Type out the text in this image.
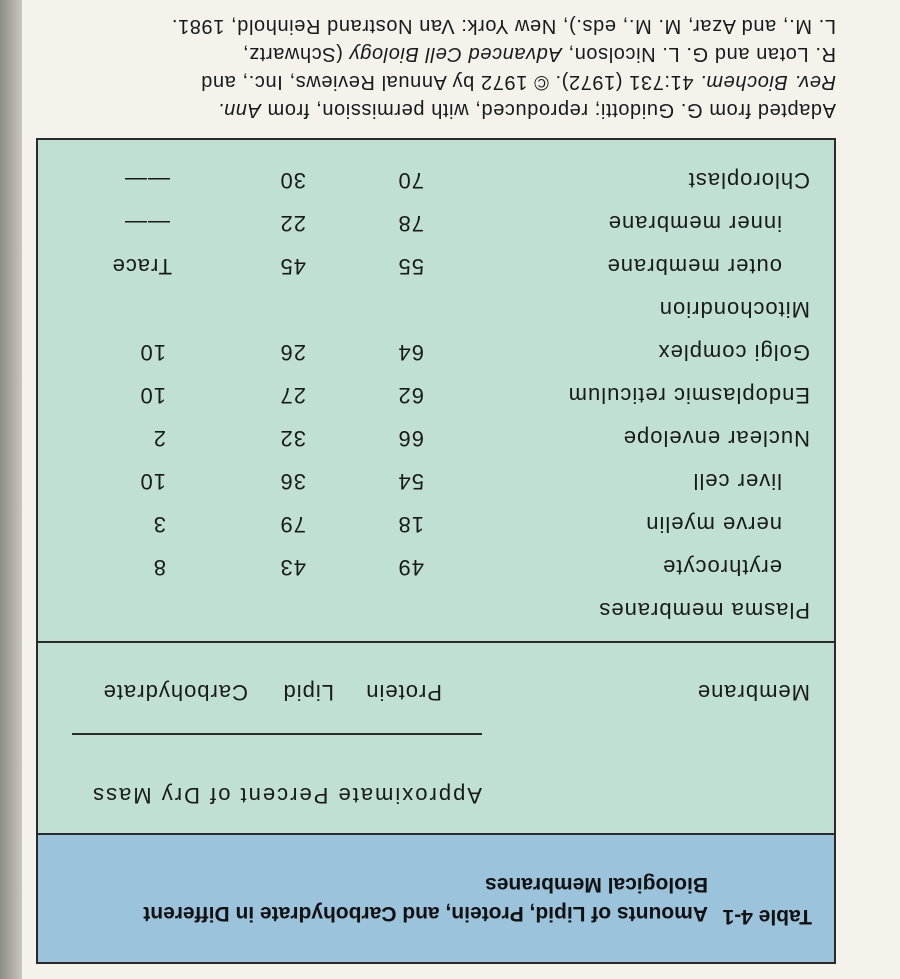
Table 4-1
Amounts of Lipid, Protein, and Carbohydrate in Different Biological Membranes
Approximate Percent of Dry Mass
Membrane
Protein
Lipid
Carbohydrate
Plasma membranes
erythrocyte
49
43
8
nerve myelin
18
79
3
liver cell
54
36
10
Nuclear envelope
66
32
2
Endoplasmic reticulum
62
27
10
Golgi complex
64
26
10
Mitochondrion
outer membrane
55
45
Trace
inner membrane
78
22
——
Chloroplast
70
30
——
Adapted from G. Guidotti; reproduced, with permission, from Ann.
Rev. Biochem. 41:731 (1972). © 1972 by Annual Reviews, Inc., and
R. Lotan and G. L. Nicolson, Advanced Cell Biology (Schwartz,
L. M., and Azar, M. M., eds.), New York: Van Nostrand Reinhold, 1981.
